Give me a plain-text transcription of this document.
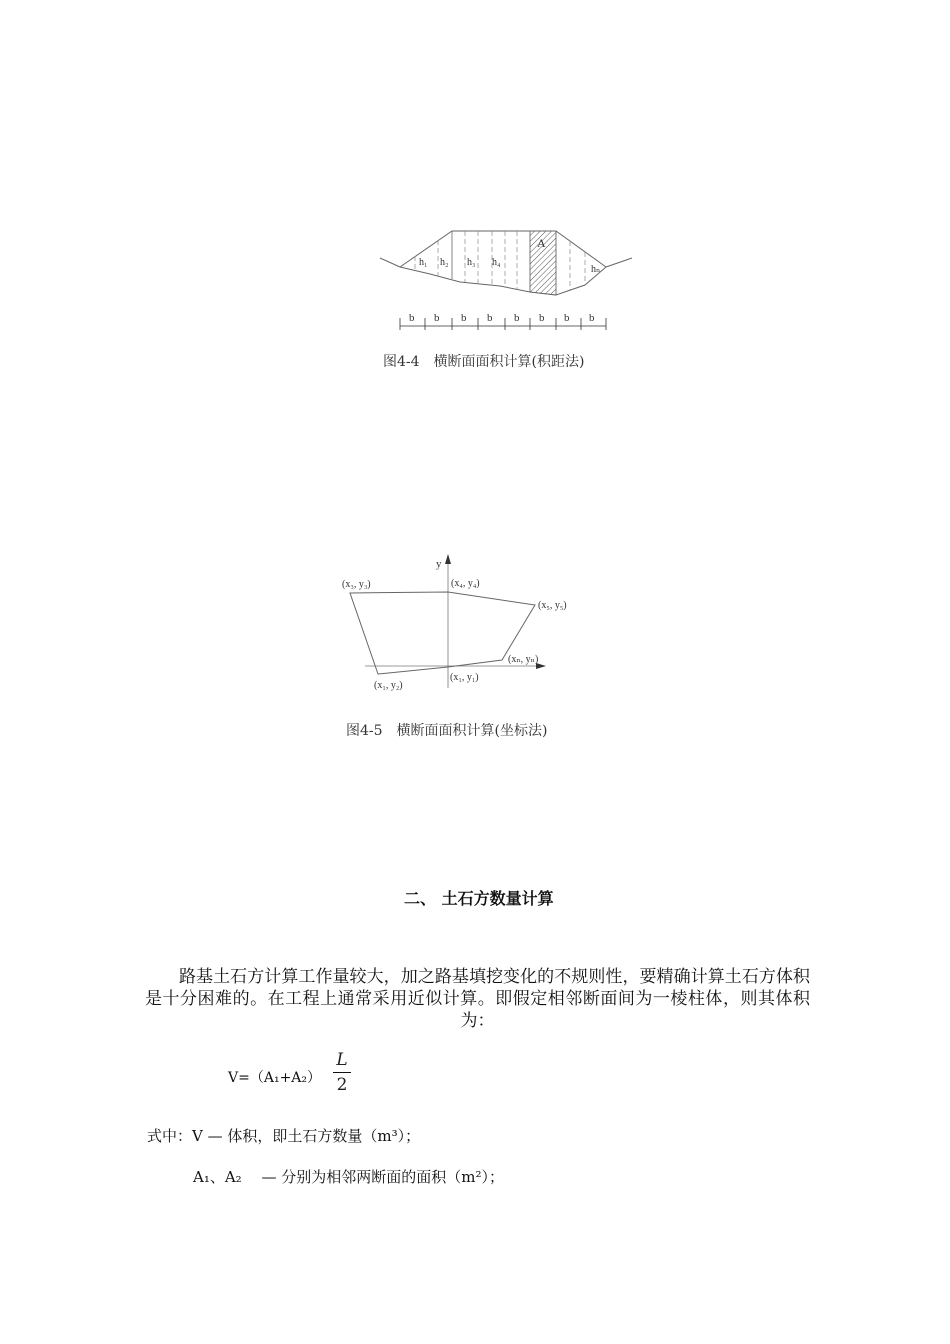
h₁ h₂ h₃ h₄
A
hₙ
b b b b b b b b
图4-4　横断面面积计算(积距法)
y
(x₃, y₃)	(x₄, y₄)
(x₅, y₅)
(xₙ, yₙ)
(x₁, y₁)
(x₁, y₂)
图4-5　横断面面积计算(坐标法)
二、 土石方数量计算
路基土石方计算工作量较大，加之路基填挖变化的不规则性，要精确计算土石方体积是十分困难的。在工程上通常采用近似计算。即假定相邻断面间为一棱柱体，则其体积为：
V=（A₁+A₂）
L
2
式中：V — 体积，即土石方数量（m³）；
A₁、A₂　 — 分别为相邻两断面的面积（m²）；
